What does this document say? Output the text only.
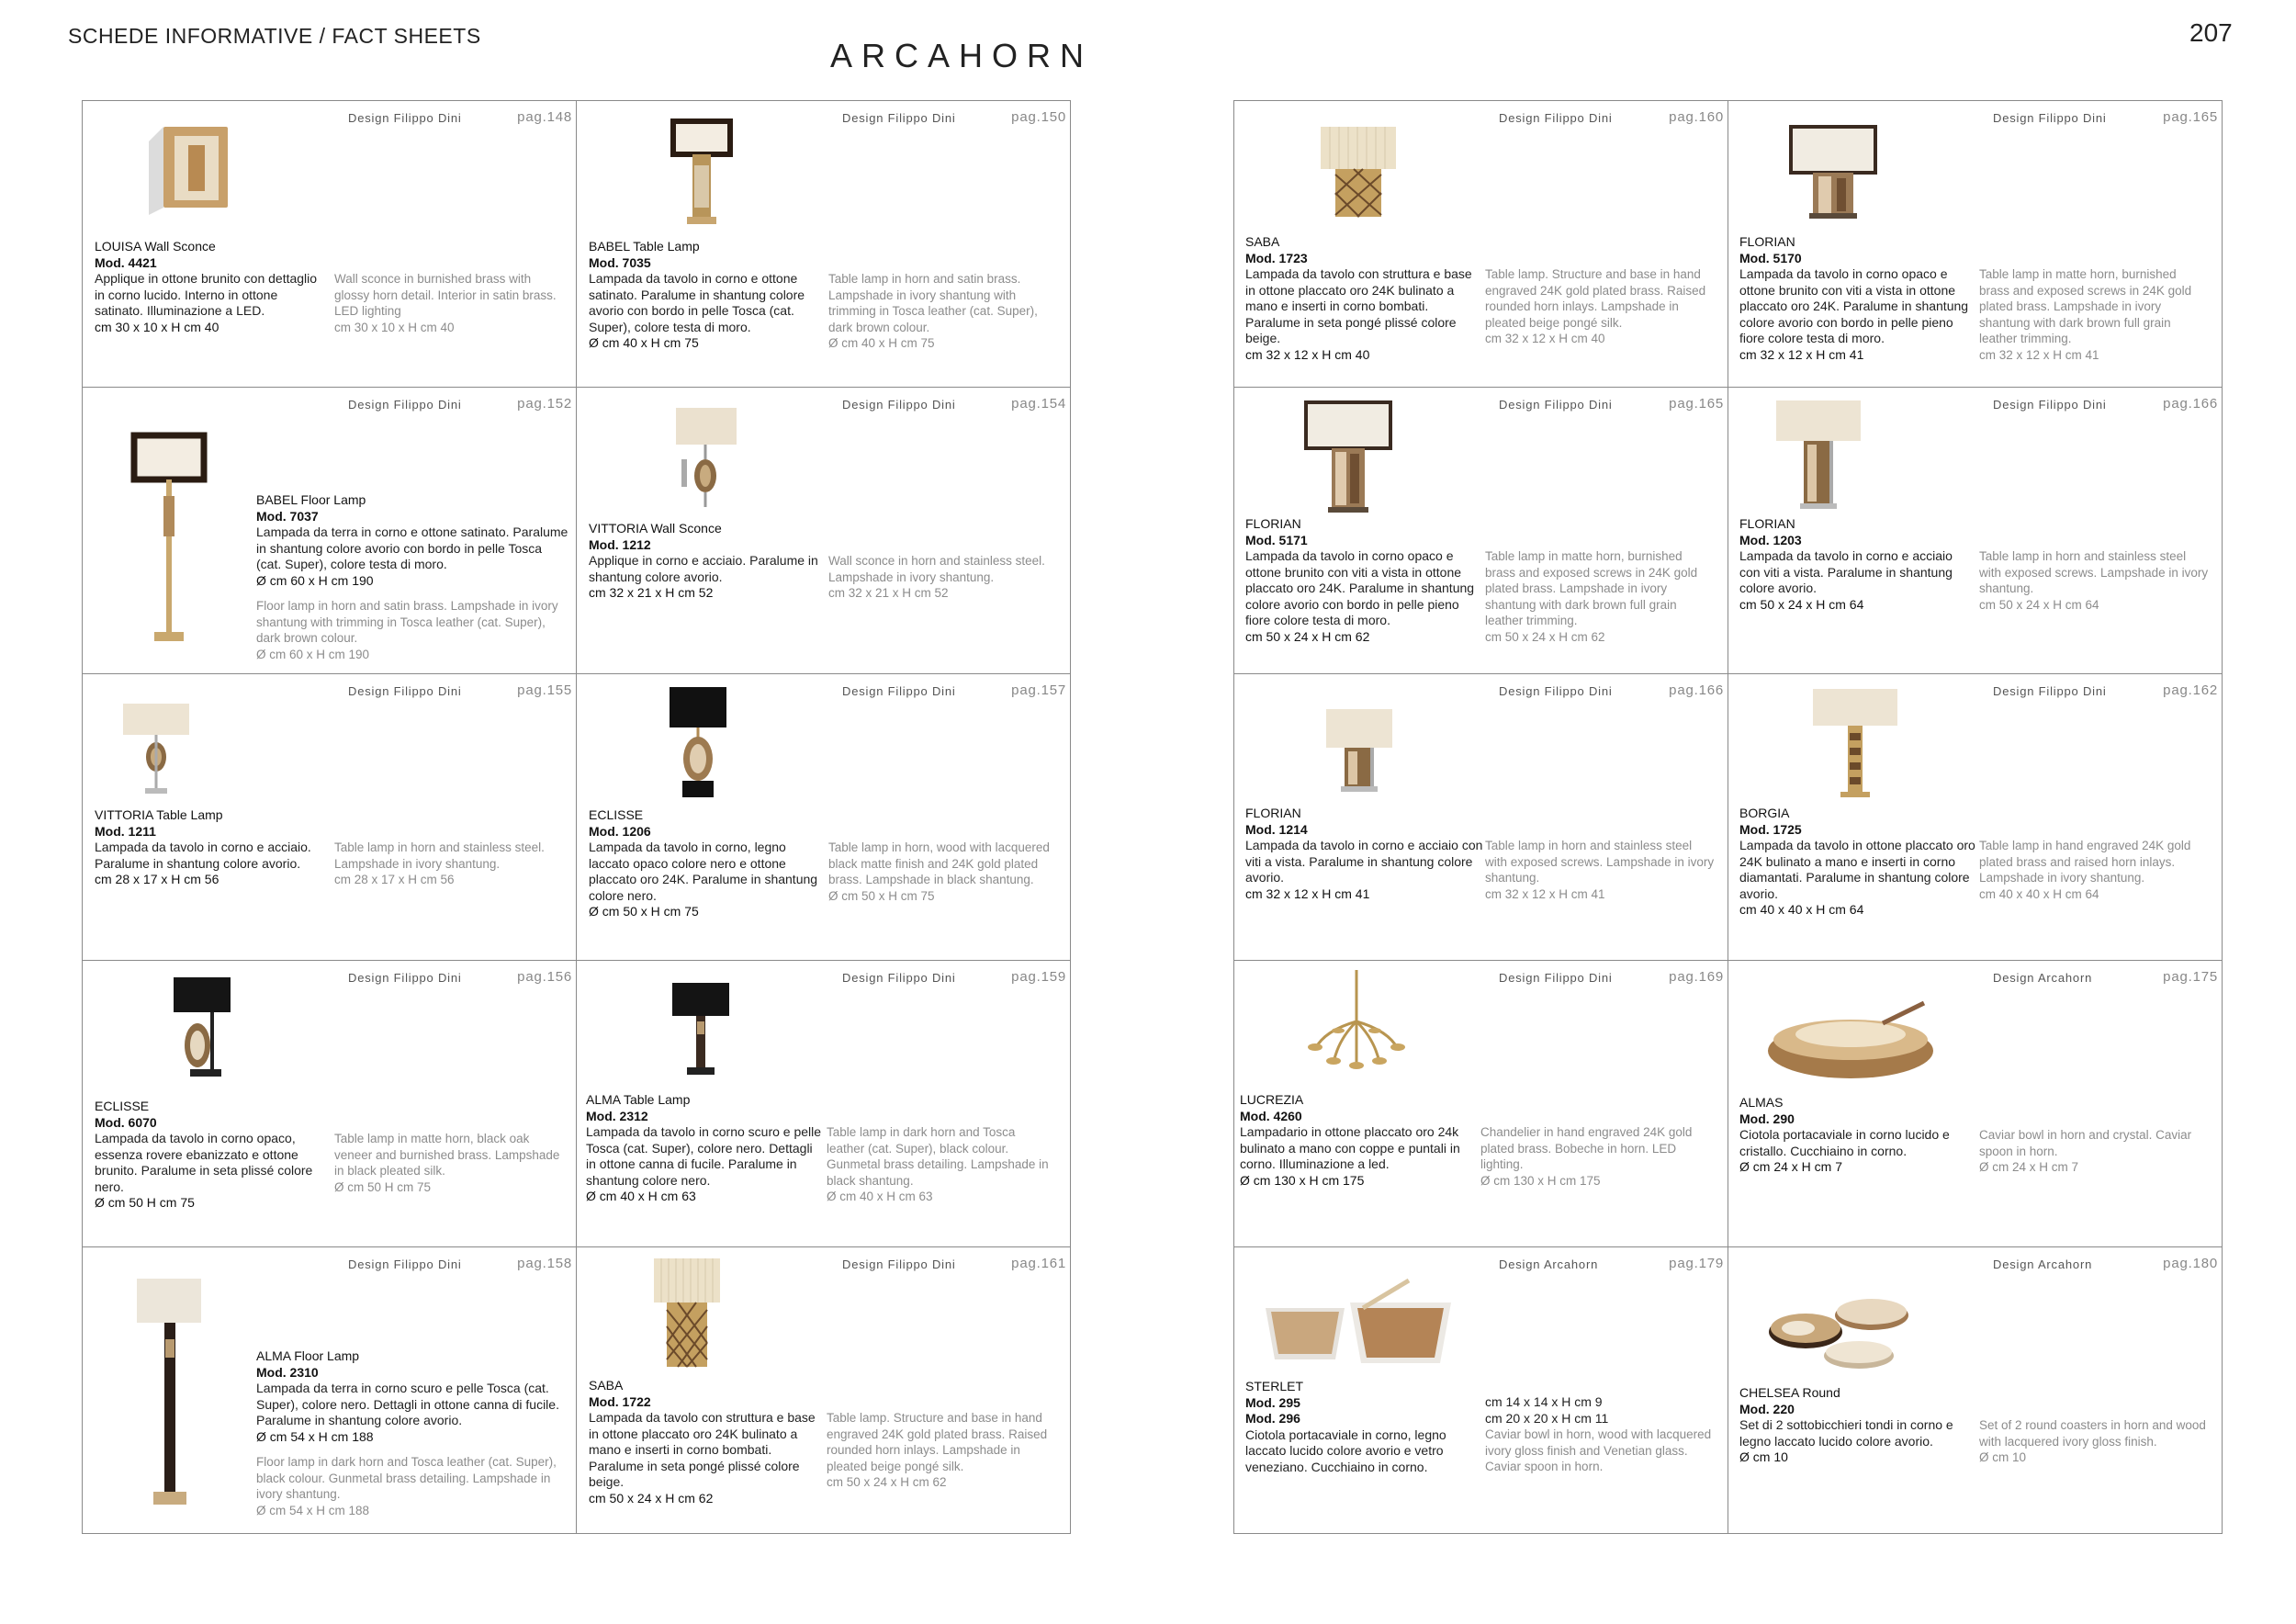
SCHEDE INFORMATIVE / FACT SHEETS
ARCAHORN
207
Design Filippo Dini	pag.148
LOUISA Wall Sconce
Mod. 4421
Applique in ottone brunito con dettaglio in corno lucido. Interno in ottone satinato. Illuminazione a LED.
cm 30 x 10 x H cm 40
Wall sconce in burnished brass with glossy horn detail. Interior in satin brass. LED lighting
cm 30 x 10 x H cm 40
Design Filippo Dini	pag.150
BABEL Table Lamp
Mod. 7035
Lampada da tavolo in corno e ottone satinato. Paralume in shantung colore avorio con bordo in pelle Tosca (cat. Super), colore testa di moro.
Ø cm 40 x H cm 75
Table lamp in horn and satin brass. Lampshade in ivory shantung with trimming in Tosca leather (cat. Super), dark brown colour.
Ø cm 40 x H cm 75
Design Filippo Dini	pag.152
BABEL Floor Lamp
Mod. 7037
Lampada da terra in corno e ottone satinato. Paralume in shantung colore avorio con bordo in pelle Tosca (cat. Super), colore testa di moro.
Ø cm 60 x H cm 190
Floor lamp in horn and satin brass. Lampshade in ivory shantung with trimming in Tosca leather (cat. Super), dark brown colour.
Ø cm 60 x H cm 190
Design Filippo Dini	pag.154
VITTORIA Wall Sconce
Mod. 1212
Applique in corno e acciaio. Paralume in shantung colore avorio.
cm 32 x 21 x H cm 52
Wall sconce in horn and stainless steel. Lampshade in ivory shantung.
cm 32 x 21 x H cm 52
Design Filippo Dini	pag.155
VITTORIA Table Lamp
Mod. 1211
Lampada da tavolo in corno e acciaio. Paralume in shantung colore avorio.
cm 28 x 17 x H cm 56
Table lamp in horn and stainless steel. Lampshade in ivory shantung.
cm 28 x 17 x H cm 56
Design Filippo Dini	pag.157
ECLISSE
Mod. 1206
Lampada da tavolo in corno, legno laccato opaco colore nero e ottone placcato oro 24K. Paralume in shantung colore nero.
Ø cm 50 x H cm 75
Table lamp in horn, wood with lacquered black matte finish and 24K gold plated brass. Lampshade in black shantung.
Ø cm 50 x H cm 75
Design Filippo Dini	pag.156
ECLISSE
Mod. 6070
Lampada da tavolo in corno opaco, essenza rovere ebanizzato e ottone brunito. Paralume in seta plissé colore nero.
Ø cm 50 H cm 75
Table lamp in matte horn, black oak veneer and burnished brass. Lampshade in black pleated silk.
Ø cm 50 H cm 75
Design Filippo Dini	pag.159
ALMA Table Lamp
Mod. 2312
Lampada da tavolo in corno scuro e pelle Tosca (cat. Super), colore nero. Dettagli in ottone canna di fucile. Paralume in shantung colore nero.
Ø cm 40 x H cm 63
Table lamp in dark horn and Tosca leather (cat. Super), black colour. Gunmetal brass detailing. Lampshade in black shantung.
Ø cm 40 x H cm 63
Design Filippo Dini	pag.158
ALMA Floor Lamp
Mod. 2310
Lampada da terra in corno scuro e pelle Tosca (cat. Super), colore nero. Dettagli in ottone canna di fucile. Paralume in shantung colore avorio.
Ø cm 54 x H cm 188
Floor lamp in dark horn and Tosca leather (cat. Super), black colour. Gunmetal brass detailing. Lampshade in ivory shantung.
Ø cm 54 x H cm 188
Design Filippo Dini	pag.161
SABA
Mod. 1722
Lampada da tavolo con struttura e base in ottone placcato oro 24K bulinato a mano e inserti in corno bombati. Paralume in seta pongé plissé colore beige.
cm 50 x 24 x H cm 62
Table lamp. Structure and base in hand engraved 24K gold plated brass. Raised rounded horn inlays. Lampshade in pleated beige pongé silk.
cm 50 x 24 x H cm 62
Design Filippo Dini	pag.160
SABA
Mod. 1723
Lampada da tavolo con struttura e base in ottone placcato oro 24K bulinato a mano e inserti in corno bombati. Paralume in seta pongé plissé colore beige.
cm 32 x 12 x H cm 40
Table lamp. Structure and base in hand engraved 24K gold plated brass. Raised rounded horn inlays. Lampshade in pleated beige pongé silk.
cm 32 x 12 x H cm 40
Design Filippo Dini	pag.165
FLORIAN
Mod. 5170
Lampada da tavolo in corno opaco e ottone brunito con viti a vista in ottone placcato oro 24K. Paralume in shantung colore avorio con bordo in pelle pieno fiore colore testa di moro.
cm 32 x 12 x H cm 41
Table lamp in matte horn, burnished brass and exposed screws in 24K gold plated brass. Lampshade in ivory shantung with dark brown full grain leather trimming.
cm 32 x 12 x H cm 41
Design Filippo Dini	pag.165
FLORIAN
Mod. 5171
Lampada da tavolo in corno opaco e ottone brunito con viti a vista in ottone placcato oro 24K. Paralume in shantung colore avorio con bordo in pelle pieno fiore colore testa di moro.
cm 50 x 24 x H cm 62
Table lamp in matte horn, burnished brass and exposed screws in 24K gold plated brass. Lampshade in ivory shantung with dark brown full grain leather trimming.
cm 50 x 24 x H cm 62
Design Filippo Dini	pag.166
FLORIAN
Mod. 1203
Lampada da tavolo in corno e acciaio con viti a vista. Paralume in shantung colore avorio.
cm 50 x 24 x H cm 64
Table lamp in horn and stainless steel with exposed screws. Lampshade in ivory shantung.
cm 50 x 24 x H cm 64
Design Filippo Dini	pag.166
FLORIAN
Mod. 1214
Lampada da tavolo in corno e acciaio con viti a vista. Paralume in shantung colore avorio.
cm 32 x 12 x H cm 41
Table lamp in horn and stainless steel with exposed screws. Lampshade in ivory shantung.
cm 32 x 12 x H cm 41
Design Filippo Dini	pag.162
BORGIA
Mod. 1725
Lampada da tavolo in ottone placcato oro 24K bulinato a mano e inserti in corno diamantati. Paralume in shantung colore avorio.
cm 40 x 40 x H cm 64
Table lamp in hand engraved 24K gold plated brass and raised horn inlays. Lampshade in ivory shantung.
cm 40 x 40 x H cm 64
Design Filippo Dini	pag.169
LUCREZIA
Mod. 4260
Lampadario in ottone placcato oro 24k bulinato a mano con coppe e puntali in corno. Illuminazione a led.
Ø cm 130 x H cm 175
Chandelier in hand engraved 24K gold plated brass. Bobeche in horn. LED lighting.
Ø cm 130 x H cm 175
Design Arcahorn	pag.175
ALMAS
Mod. 290
Ciotola portacaviale in corno lucido e cristallo. Cucchiaino in corno.
Ø cm 24 x H cm 7
Caviar bowl in horn and crystal. Caviar spoon in horn.
Ø cm 24 x H cm 7
Design Arcahorn	pag.179
STERLET
Mod. 295
Mod. 296
Ciotola portacaviale in corno, legno laccato lucido colore avorio e vetro veneziano. Cucchiaino in corno.
cm 14 x 14 x H cm 9
cm 20 x 20 x H cm 11
Caviar bowl in horn, wood with lacquered ivory gloss finish and Venetian glass. Caviar spoon in horn.
Design Arcahorn	pag.180
CHELSEA Round
Mod. 220
Set di 2 sottobicchieri tondi in corno e legno laccato lucido colore avorio.
Ø cm 10
Set of 2 round coasters in horn and wood with lacquered ivory gloss finish.
Ø cm 10
